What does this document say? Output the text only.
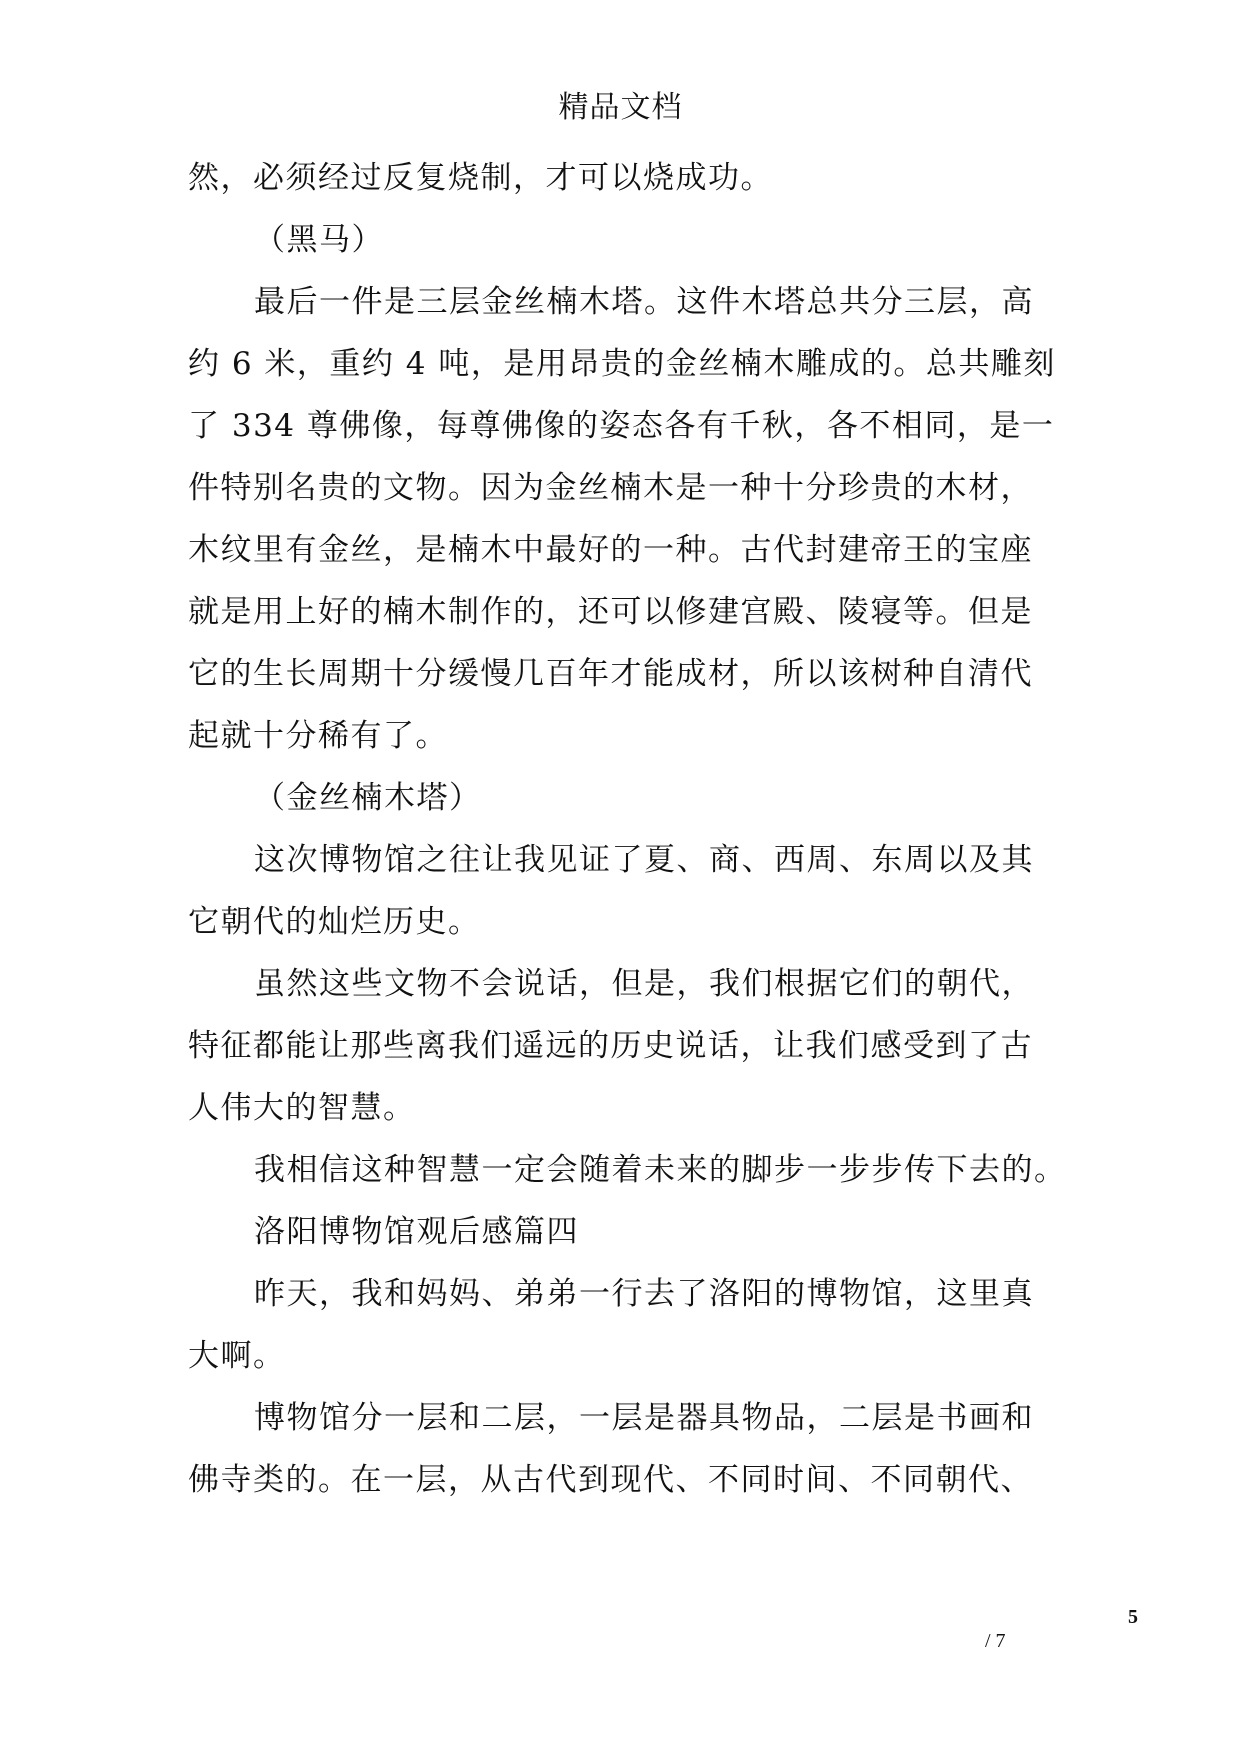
精品文档
然，必须经过反复烧制，才可以烧成功。
（黑马）
最后一件是三层金丝楠木塔。这件木塔总共分三层，高
约 6 米，重约 4 吨，是用昂贵的金丝楠木雕成的。总共雕刻
了 334 尊佛像，每尊佛像的姿态各有千秋，各不相同，是一
件特别名贵的文物。因为金丝楠木是一种十分珍贵的木材，
木纹里有金丝，是楠木中最好的一种。古代封建帝王的宝座
就是用上好的楠木制作的，还可以修建宫殿、陵寝等。但是
它的生长周期十分缓慢几百年才能成材，所以该树种自清代
起就十分稀有了。
（金丝楠木塔）
这次博物馆之往让我见证了夏、商、西周、东周以及其
它朝代的灿烂历史。
虽然这些文物不会说话，但是，我们根据它们的朝代，
特征都能让那些离我们遥远的历史说话，让我们感受到了古
人伟大的智慧。
我相信这种智慧一定会随着未来的脚步一步步传下去的。
洛阳博物馆观后感篇四
昨天，我和妈妈、弟弟一行去了洛阳的博物馆，这里真
大啊。
博物馆分一层和二层，一层是器具物品，二层是书画和
佛寺类的。在一层，从古代到现代、不同时间、不同朝代、
5
/ 7
